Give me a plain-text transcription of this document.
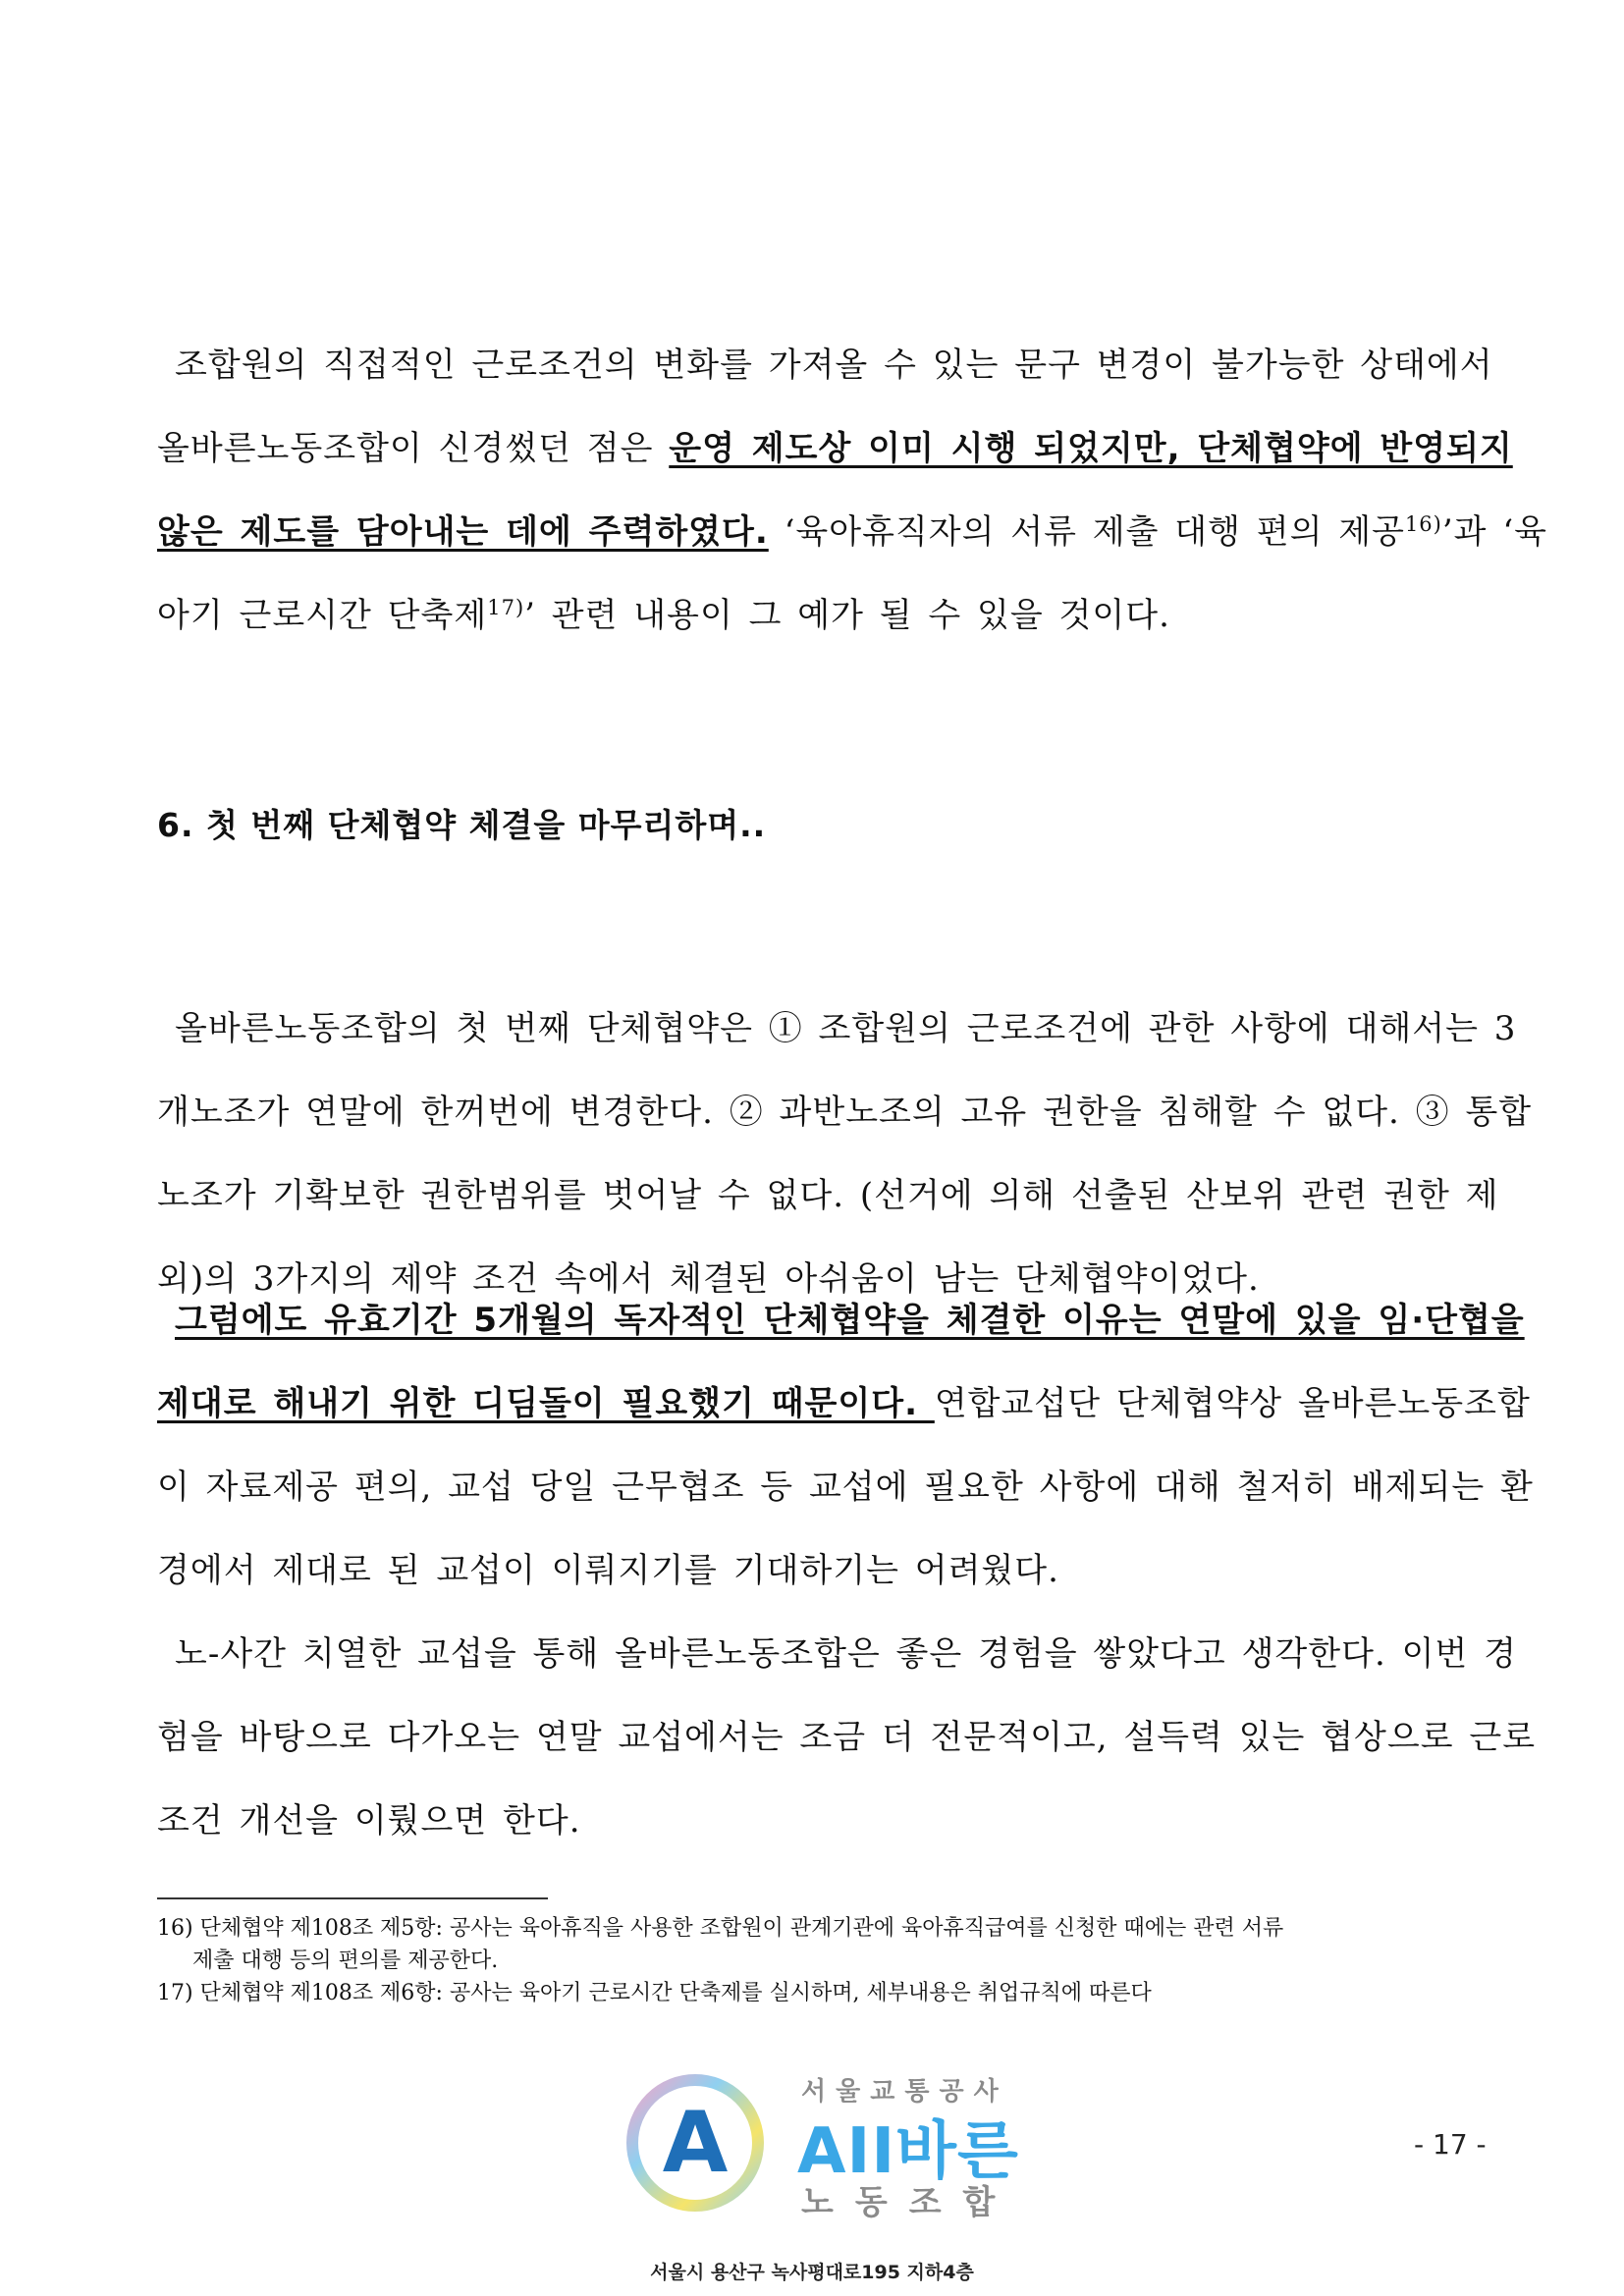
조합원의 직접적인 근로조건의 변화를 가져올 수 있는 문구 변경이 불가능한 상태에서
올바른노동조합이 신경썼던 점은 운영 제도상 이미 시행 되었지만, 단체협약에 반영되지
않은 제도를 담아내는 데에 주력하였다. ‘육아휴직자의 서류 제출 대행 편의 제공$^{16)}$’과 ‘육
아기 근로시간 단축제$^{17)}$’ 관련 내용이 그 예가 될 수 있을 것이다.
6. 첫 번째 단체협약 체결을 마무리하며..
올바른노동조합의 첫 번째 단체협약은 ① 조합원의 근로조건에 관한 사항에 대해서는 3
개노조가 연말에 한꺼번에 변경한다. ② 과반노조의 고유 권한을 침해할 수 없다. ③ 통합
노조가 기확보한 권한범위를 벗어날 수 없다. (선거에 의해 선출된 산보위 관련 권한 제
외)의 3가지의 제약 조건 속에서 체결된 아쉬움이 남는 단체협약이었다.
그럼에도 유효기간 5개월의 독자적인 단체협약을 체결한 이유는 연말에 있을 임·단협을
제대로 해내기 위한 디딤돌이 필요했기 때문이다. 연합교섭단 단체협약상 올바른노동조합
이 자료제공 편의, 교섭 당일 근무협조 등 교섭에 필요한 사항에 대해 철저히 배제되는 환
경에서 제대로 된 교섭이 이뤄지기를 기대하기는 어려웠다.
노-사간 치열한 교섭을 통해 올바른노동조합은 좋은 경험을 쌓았다고 생각한다. 이번 경
험을 바탕으로 다가오는 연말 교섭에서는 조금 더 전문적이고, 설득력 있는 협상으로 근로
조건 개선을 이뤘으면 한다.
16) 단체협약 제108조 제5항: 공사는 육아휴직을 사용한 조합원이 관계기관에 육아휴직급여를 신청한 때에는 관련 서류
제출 대행 등의 편의를 제공한다.
17) 단체협약 제108조 제6항: 공사는 육아기 근로시간 단축제를 실시하며, 세부내용은 취업규칙에 따른다
A
서울교통공사
AII바른
노동조합
- 17 -
서울시 용산구 녹사평대로195 지하4층
